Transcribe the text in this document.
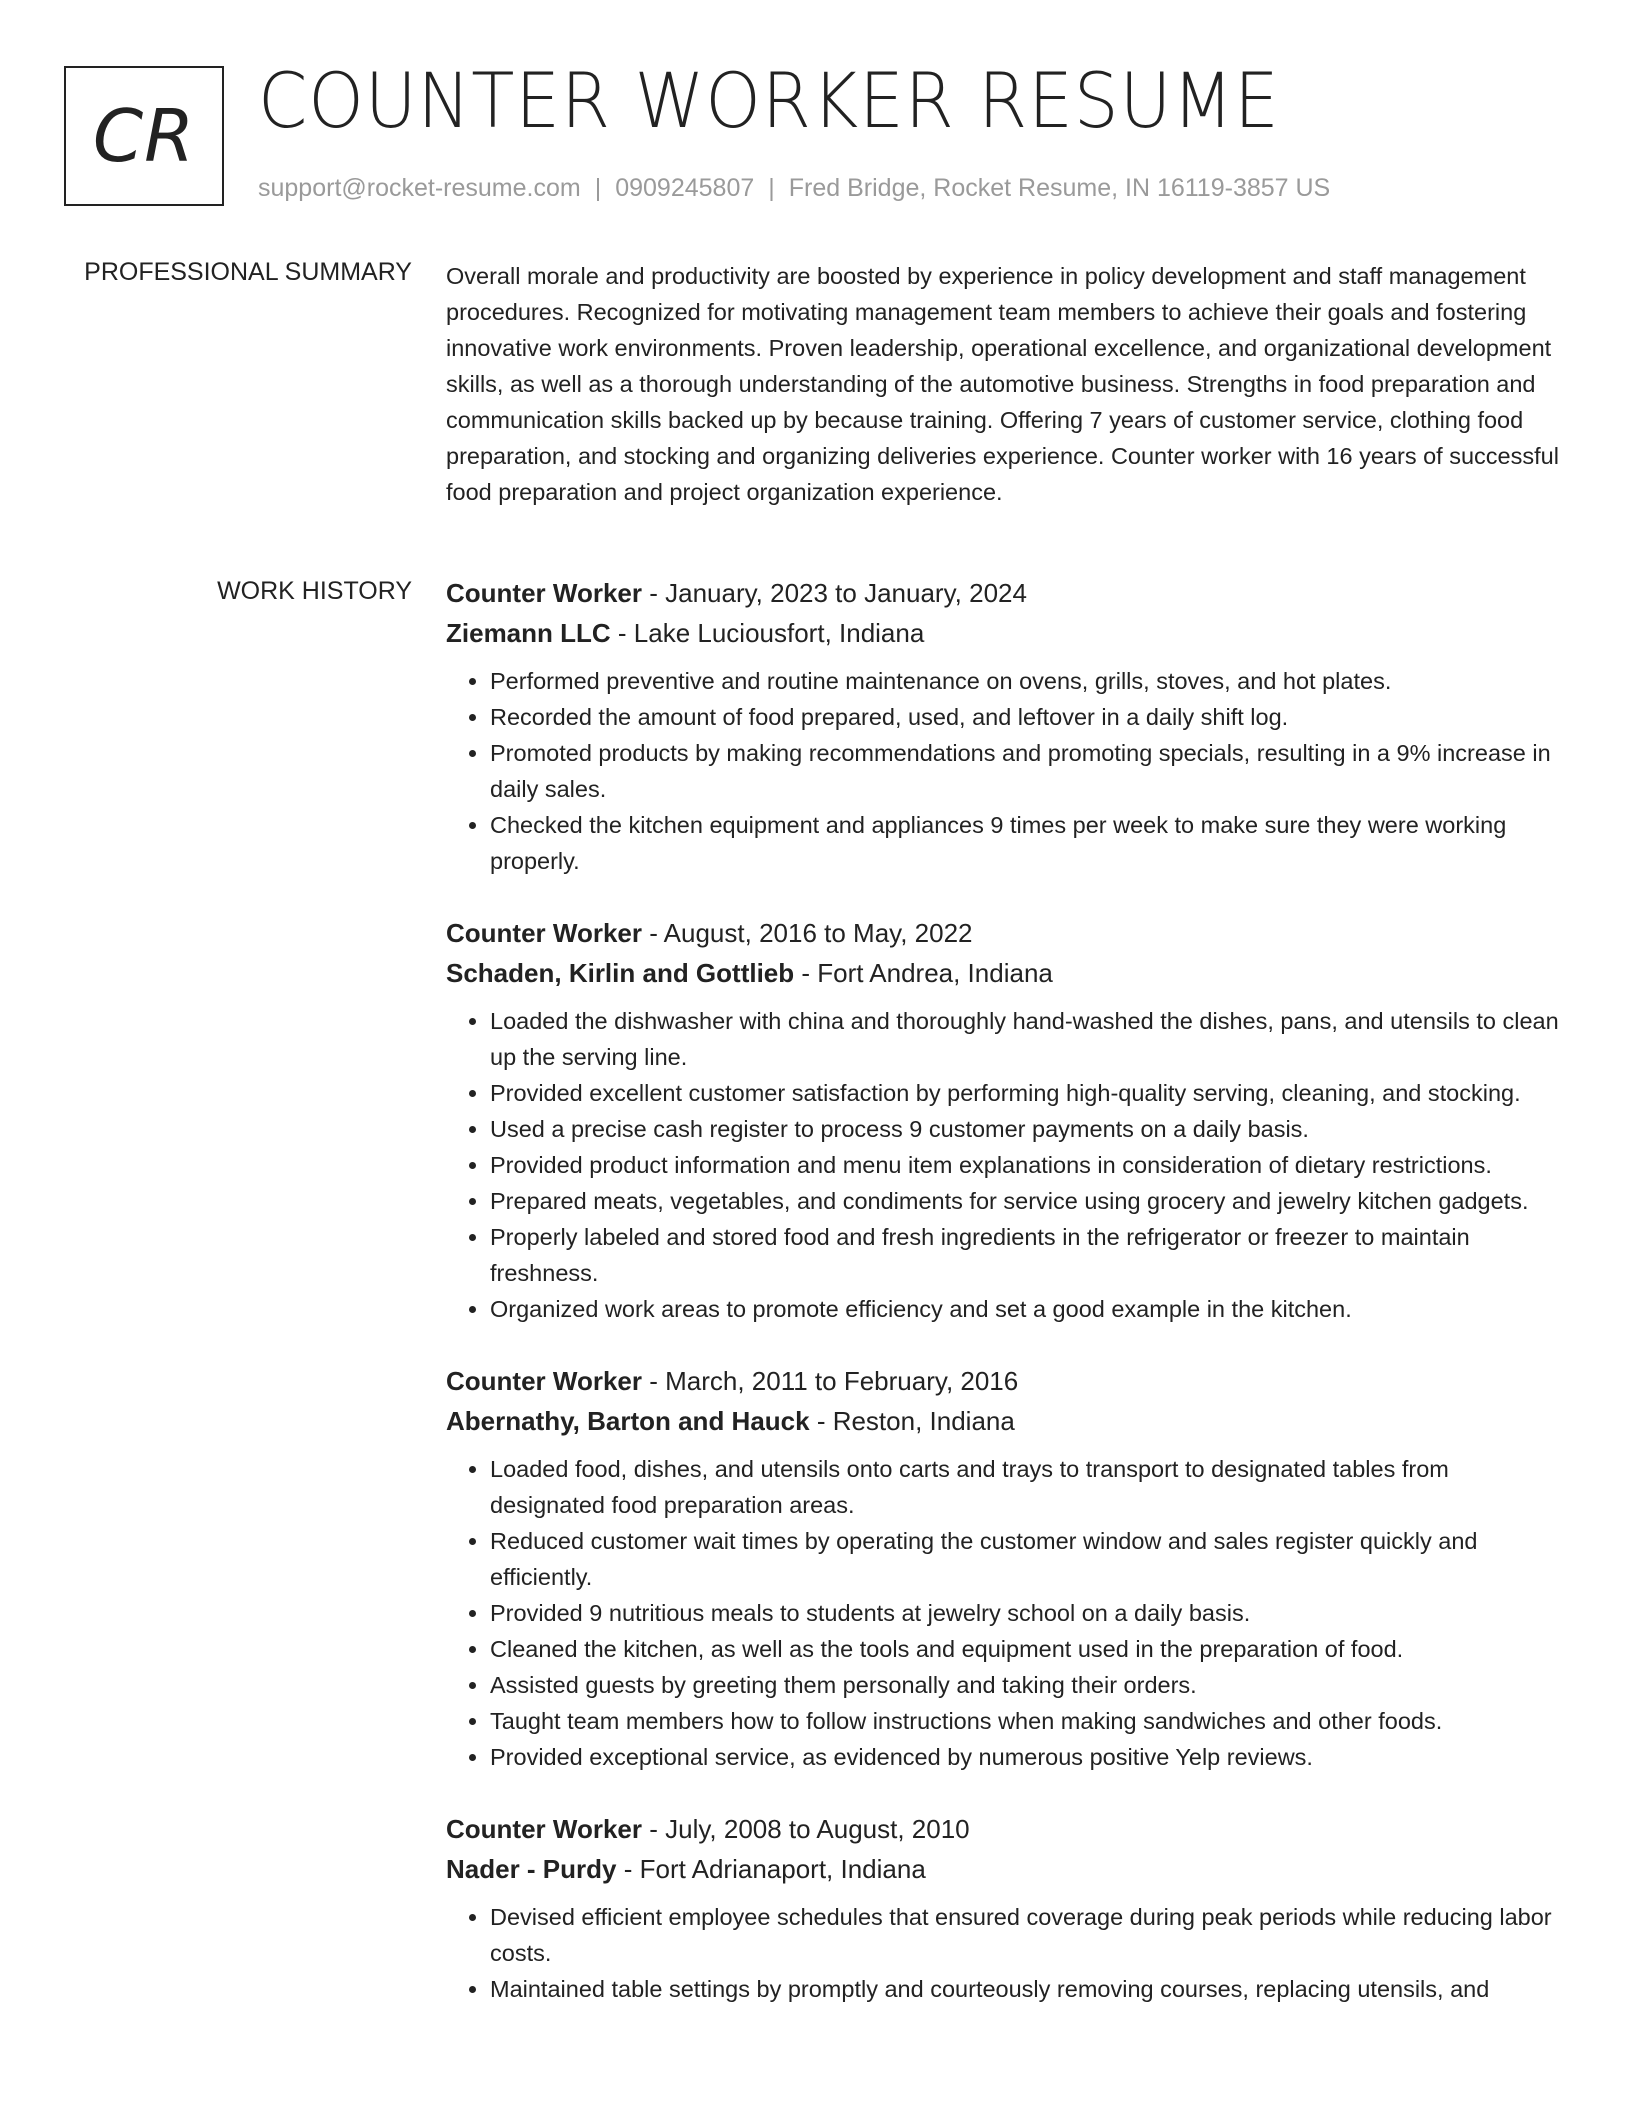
CR COUNTER WORKER RESUME
support@rocket-resume.com | 0909245807 | Fred Bridge, Rocket Resume, IN 16119-3857 US
PROFESSIONAL SUMMARY Overall morale and productivity are boosted by experience in policy development and staff management procedures. Recognized for motivating management team members to achieve their goals and fostering innovative work environments. Proven leadership, operational excellence, and organizational development skills, as well as a thorough understanding of the automotive business. Strengths in food preparation and communication skills backed up by because training. Offering 7 years of customer service, clothing food preparation, and stocking and organizing deliveries experience. Counter worker with 16 years of successful food preparation and project organization experience.

WORK HISTORY Counter Worker - January, 2023 to January, 2024
Ziemann LLC - Lake Luciousfort, Indiana
• Performed preventive and routine maintenance on ovens, grills, stoves, and hot plates.
• Recorded the amount of food prepared, used, and leftover in a daily shift log.
• Promoted products by making recommendations and promoting specials, resulting in a 9% increase in daily sales.
• Checked the kitchen equipment and appliances 9 times per week to make sure they were working properly.
Counter Worker - August, 2016 to May, 2022
Schaden, Kirlin and Gottlieb - Fort Andrea, Indiana
• Loaded the dishwasher with china and thoroughly hand-washed the dishes, pans, and utensils to clean up the serving line.
• Provided excellent customer satisfaction by performing high-quality serving, cleaning, and stocking.
• Used a precise cash register to process 9 customer payments on a daily basis.
• Provided product information and menu item explanations in consideration of dietary restrictions.
• Prepared meats, vegetables, and condiments for service using grocery and jewelry kitchen gadgets.
• Properly labeled and stored food and fresh ingredients in the refrigerator or freezer to maintain freshness.
• Organized work areas to promote efficiency and set a good example in the kitchen.
Counter Worker - March, 2011 to February, 2016
Abernathy, Barton and Hauck - Reston, Indiana
• Loaded food, dishes, and utensils onto carts and trays to transport to designated tables from designated food preparation areas.
• Reduced customer wait times by operating the customer window and sales register quickly and efficiently.
• Provided 9 nutritious meals to students at jewelry school on a daily basis.
• Cleaned the kitchen, as well as the tools and equipment used in the preparation of food.
• Assisted guests by greeting them personally and taking their orders.
• Taught team members how to follow instructions when making sandwiches and other foods.
• Provided exceptional service, as evidenced by numerous positive Yelp reviews.
Counter Worker - July, 2008 to August, 2010
Nader - Purdy - Fort Adrianaport, Indiana
• Devised efficient employee schedules that ensured coverage during peak periods while reducing labor costs.
• Maintained table settings by promptly and courteously removing courses, replacing utensils, and
